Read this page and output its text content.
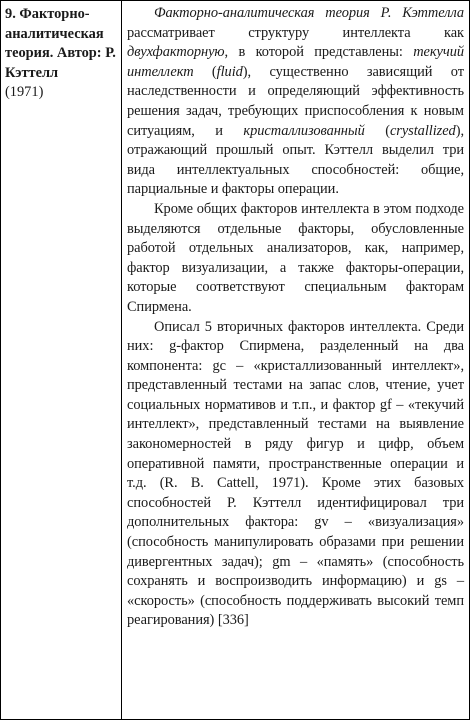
9. Факторно-аналитическая теория. Автор: Р. Кэттелл
(1971)

Факторно-аналитическая теория Р. Кэттелла рассматривает структуру интеллекта как двухфакторную, в которой представлены: текучий интеллект (fluid), существенно зависящий от наследственности и определяющий эффективность решения задач, требующих приспособления к новым ситуациям, и кристаллизованный (crystallized), отражающий прошлый опыт. Кэттелл выделил три вида интеллектуальных способностей: общие, парциальные и факторы операции.

Кроме общих факторов интеллекта в этом подходе выделяются отдельные факторы, обусловленные работой отдельных анализаторов, как, например, фактор визуализации, а также факторы-операции, которые соответствуют специальным факторам Спирмена.

Описал 5 вторичных факторов интеллекта. Среди них: g-фактор Спирмена, разделенный на два компонента: gc – «кристаллизованный интеллект», представленный тестами на запас слов, чтение, учет социальных нормативов и т.п., и фактор gf – «текучий интеллект», представленный тестами на выявление закономерностей в ряду фигур и цифр, объем оперативной памяти, пространственные операции и т.д. (R. B. Cattell, 1971). Кроме этих базовых способностей Р. Кэттелл идентифицировал три дополнительных фактора: gv – «визуализация» (способность манипулировать образами при решении дивергентных задач); gm – «память» (способность сохранять и воспроизводить информацию) и gs – «скорость» (способность поддерживать высокий темп реагирования) [336]
